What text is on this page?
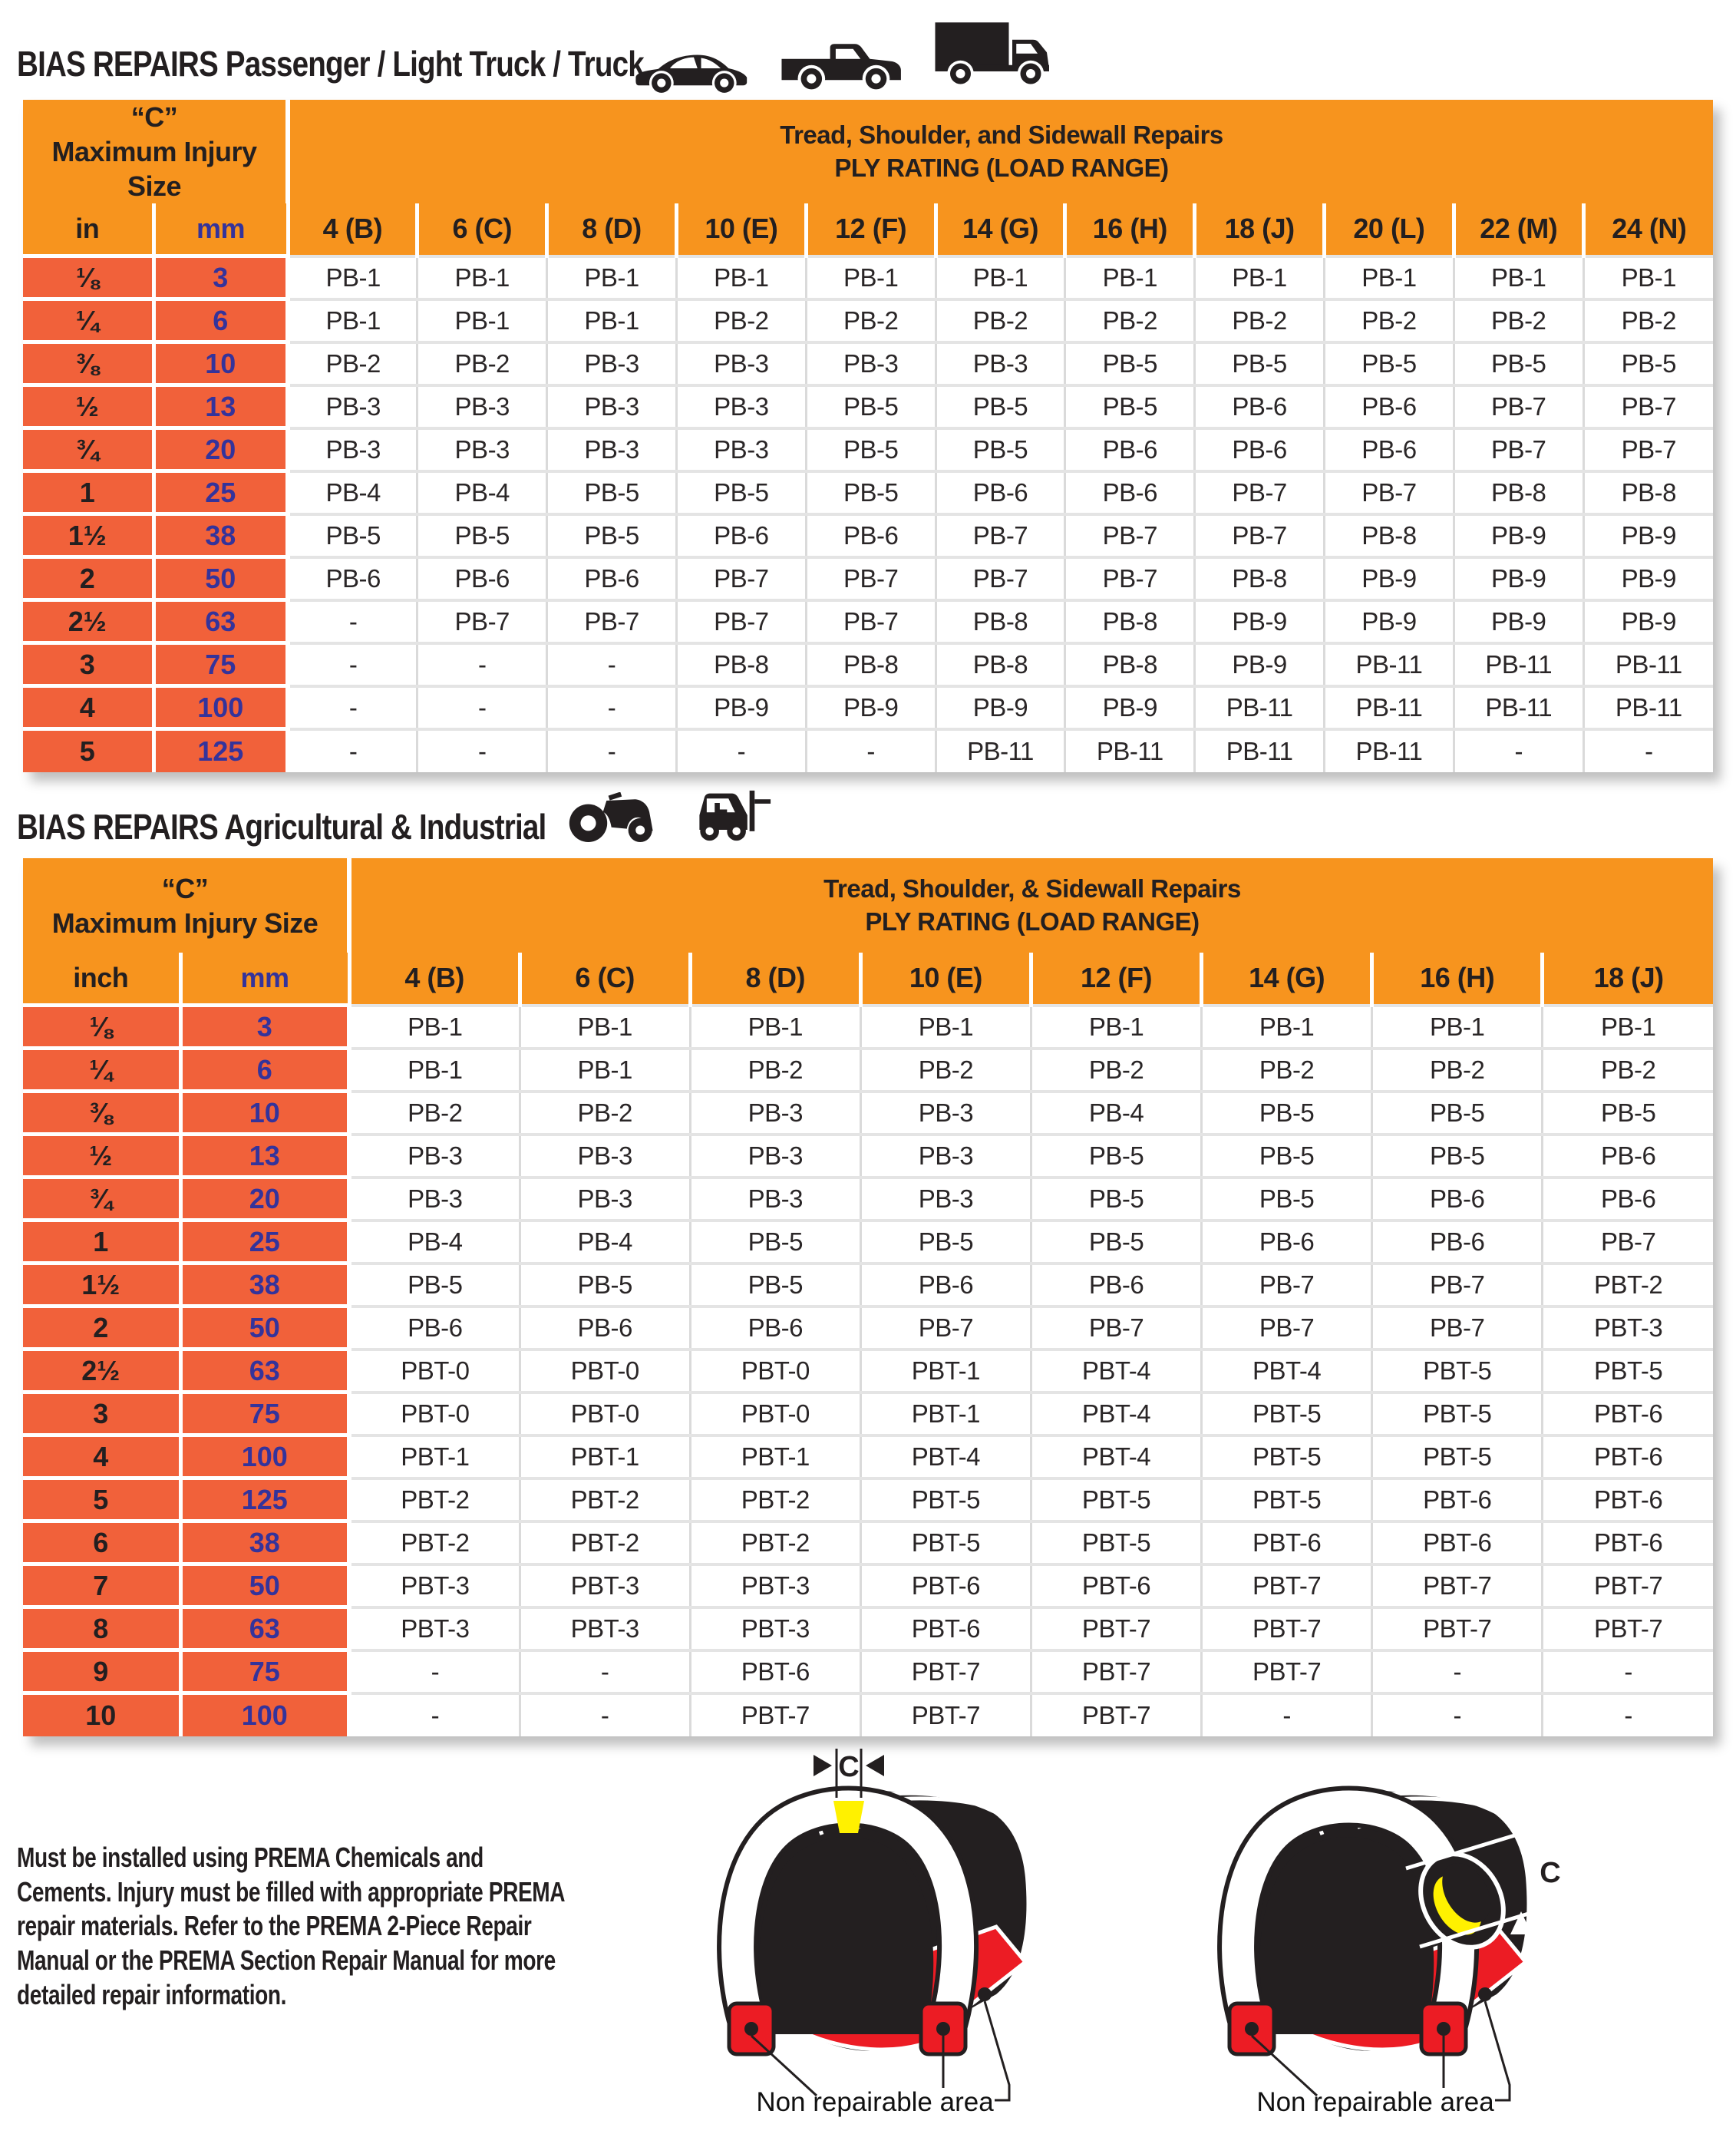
BIAS REPAIRS Passenger / Light Truck / Truck
“C”
Maximum Injury Size

Tread, Shoulder, and Sidewall Repairs
PLY RATING (LOAD RANGE)

in	mm	4 (B)	6 (C)	8 (D)	10 (E)	12 (F)	14 (G)	16 (H)	18 (J)	20 (L)	22 (M)	24 (N)
⅛	3	PB-1	PB-1	PB-1	PB-1	PB-1	PB-1	PB-1	PB-1	PB-1	PB-1	PB-1
¼	6	PB-1	PB-1	PB-1	PB-2	PB-2	PB-2	PB-2	PB-2	PB-2	PB-2	PB-2
⅜	10	PB-2	PB-2	PB-3	PB-3	PB-3	PB-3	PB-5	PB-5	PB-5	PB-5	PB-5
½	13	PB-3	PB-3	PB-3	PB-3	PB-5	PB-5	PB-5	PB-6	PB-6	PB-7	PB-7
¾	20	PB-3	PB-3	PB-3	PB-3	PB-5	PB-5	PB-6	PB-6	PB-6	PB-7	PB-7
1	25	PB-4	PB-4	PB-5	PB-5	PB-5	PB-6	PB-6	PB-7	PB-7	PB-8	PB-8
1½	38	PB-5	PB-5	PB-5	PB-6	PB-6	PB-7	PB-7	PB-7	PB-8	PB-9	PB-9
2	50	PB-6	PB-6	PB-6	PB-7	PB-7	PB-7	PB-7	PB-8	PB-9	PB-9	PB-9
2½	63	-	PB-7	PB-7	PB-7	PB-7	PB-8	PB-8	PB-9	PB-9	PB-9	PB-9
3	75	-	-	-	PB-8	PB-8	PB-8	PB-8	PB-9	PB-11	PB-11	PB-11
4	100	-	-	-	PB-9	PB-9	PB-9	PB-9	PB-11	PB-11	PB-11	PB-11
5	125	-	-	-	-	-	PB-11	PB-11	PB-11	PB-11	-	-
BIAS REPAIRS Agricultural & Industrial
“C”
Maximum Injury Size

Tread, Shoulder, & Sidewall Repairs
PLY RATING (LOAD RANGE)

inch	mm	4 (B)	6 (C)	8 (D)	10 (E)	12 (F)	14 (G)	16 (H)	18 (J)
⅛	3	PB-1	PB-1	PB-1	PB-1	PB-1	PB-1	PB-1	PB-1
¼	6	PB-1	PB-1	PB-2	PB-2	PB-2	PB-2	PB-2	PB-2
⅜	10	PB-2	PB-2	PB-3	PB-3	PB-4	PB-5	PB-5	PB-5
½	13	PB-3	PB-3	PB-3	PB-3	PB-5	PB-5	PB-5	PB-6
¾	20	PB-3	PB-3	PB-3	PB-3	PB-5	PB-5	PB-6	PB-6
1	25	PB-4	PB-4	PB-5	PB-5	PB-5	PB-6	PB-6	PB-7
1½	38	PB-5	PB-5	PB-5	PB-6	PB-6	PB-7	PB-7	PBT-2
2	50	PB-6	PB-6	PB-6	PB-7	PB-7	PB-7	PB-7	PBT-3
2½	63	PBT-0	PBT-0	PBT-0	PBT-1	PBT-4	PBT-4	PBT-5	PBT-5
3	75	PBT-0	PBT-0	PBT-0	PBT-1	PBT-4	PBT-5	PBT-5	PBT-6
4	100	PBT-1	PBT-1	PBT-1	PBT-4	PBT-4	PBT-5	PBT-5	PBT-6
5	125	PBT-2	PBT-2	PBT-2	PBT-5	PBT-5	PBT-5	PBT-6	PBT-6
6	38	PBT-2	PBT-2	PBT-2	PBT-5	PBT-5	PBT-6	PBT-6	PBT-6
7	50	PBT-3	PBT-3	PBT-3	PBT-6	PBT-6	PBT-7	PBT-7	PBT-7
8	63	PBT-3	PBT-3	PBT-3	PBT-6	PBT-7	PBT-7	PBT-7	PBT-7
9	75	-	-	PBT-6	PBT-7	PBT-7	PBT-7	-	-
10	100	-	-	PBT-7	PBT-7	PBT-7	-	-	-

Must be installed using PREMA Chemicals and Cements. Injury must be filled with appropriate PREMA repair materials. Refer to the PREMA 2-Piece Repair Manual or the PREMA Section Repair Manual for more detailed repair information.

C
Non repairable area
C
Non repairable area
